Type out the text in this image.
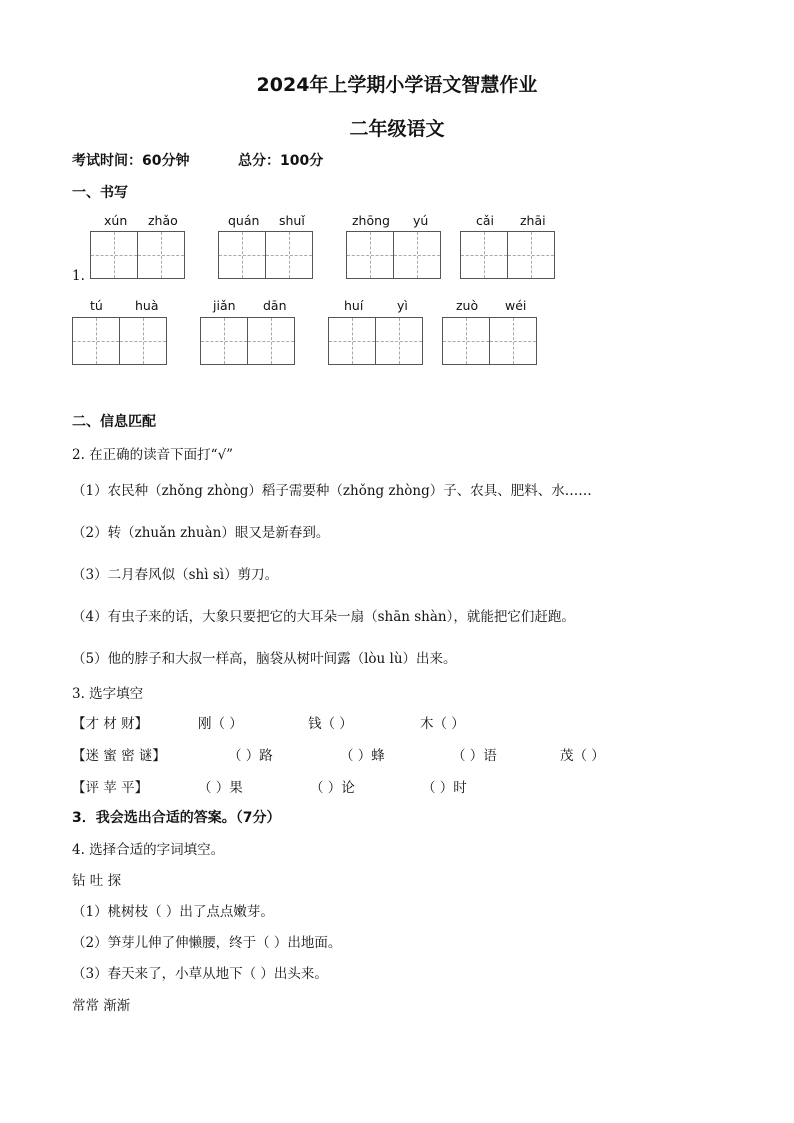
2024年上学期小学语文智慧作业
二年级语文
考试时间：60分钟	总分：100分
一、书写
1.
xún zhǎo	quán shuǐ	zhōng yú	cǎi zhāi
tú	huà	jiǎn dān	huí	yì	zuò wéi
二、信息匹配
2. 在正确的读音下面打“√”
（1）农民种（zhǒng zhòng）稻子需要种（zhǒng zhòng）子、农具、肥料、水……
（2）转（zhuǎn zhuàn）眼又是新春到。
（3）二月春风似（shì sì）剪刀。
（4）有虫子来的话，大象只要把它的大耳朵一扇（shān shàn），就能把它们赶跑。
（5）他的脖子和大叔一样高，脑袋从树叶间露（lòu lù）出来。
3. 选字填空
【才 材 财】	刚（ ）	钱（ ）	木（ ）
【迷 蜜 密 谜】	（ ）路	（ ）蜂	（ ）语	茂（ ）
【评 苹 平】	（ ）果	（ ）论	（ ）时
3．我会选出合适的答案。（7分）
4. 选择合适的字词填空。
钻 吐 探
（1）桃树枝（ ）出了点点嫩芽。
（2）笋芽儿伸了伸懒腰，终于（ ）出地面。
（3）春天来了，小草从地下（ ）出头来。
常常 渐渐
